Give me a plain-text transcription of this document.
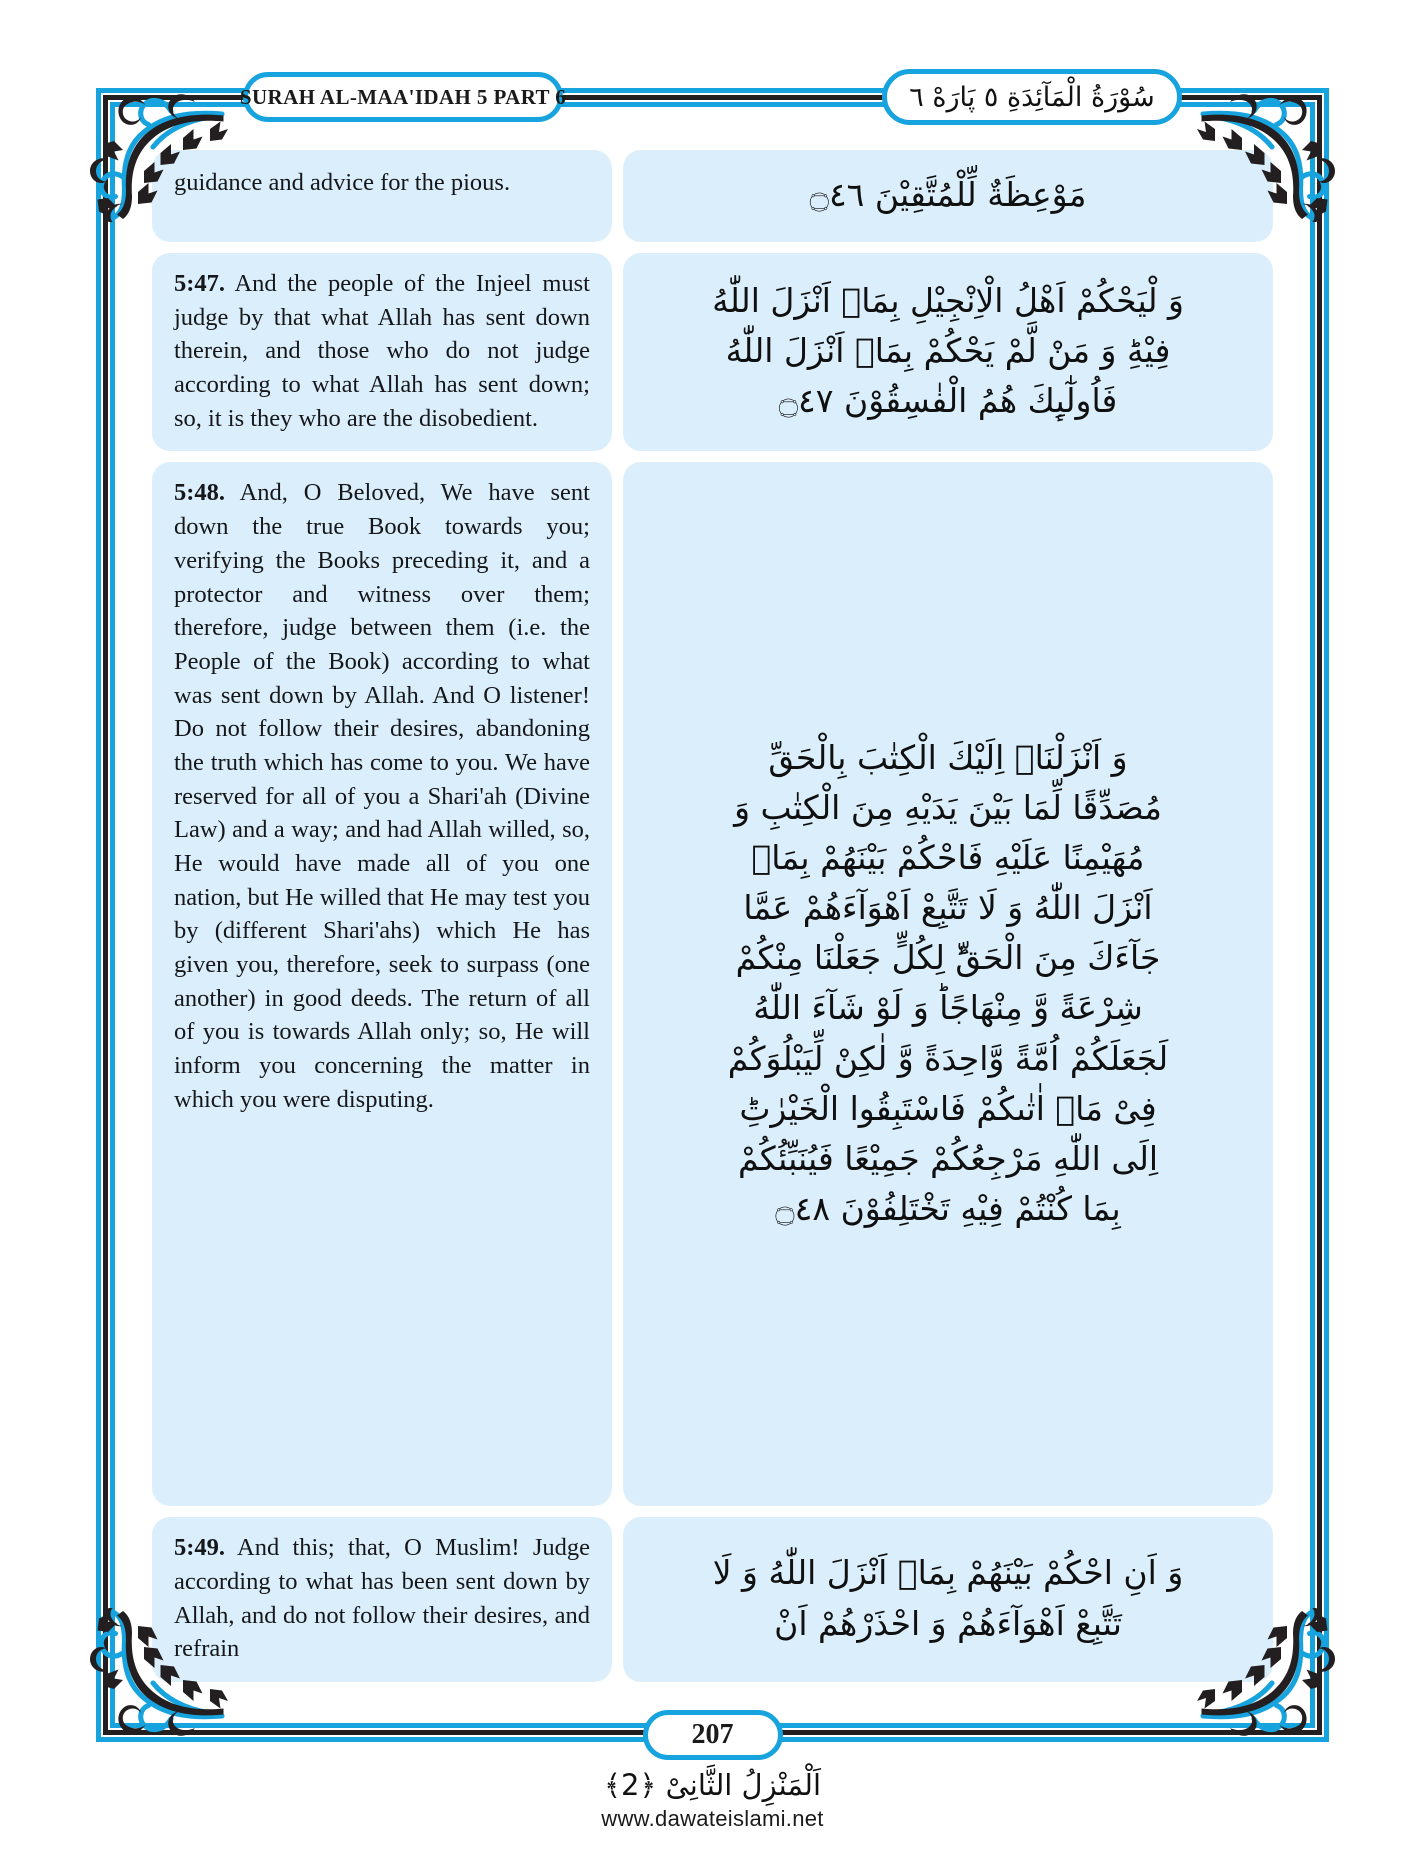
SURAH AL-MAA'IDAH 5 PART 6	سُوْرَةُ الْمَآئِدَةِ ٥ پَارَهْ ٦

guidance and advice for the pious.	مَوْعِظَةٌ لِّلْمُتَّقِیْنَ ۝٤٦

5:47. And the people of the Injeel must judge by that what Allah has sent down therein, and those who do not judge according to what Allah has sent down; so, it is they who are the disobedient.

وَ لْیَحْكُمْ اَهْلُ الْاِنْجِیْلِ بِمَاۤ اَنْزَلَ اللّٰهُ
فِیْهِؕ وَ مَنْ لَّمْ یَحْكُمْ بِمَاۤ اَنْزَلَ اللّٰهُ
فَاُولٰٓىِٕكَ هُمُ الْفٰسِقُوْنَ ۝٤٧

5:48. And, O Beloved, We have sent down the true Book towards you; verifying the Books preceding it, and a protector and witness over them; therefore, judge between them (i.e. the People of the Book) according to what was sent down by Allah. And O listener! Do not follow their desires, abandoning the truth which has come to you. We have reserved for all of you a Shari'ah (Divine Law) and a way; and had Allah willed, so, He would have made all of you one nation, but He willed that He may test you by (different Shari'ahs) which He has given you, therefore, seek to surpass (one another) in good deeds. The return of all of you is towards Allah only; so, He will inform you concerning the matter in which you were disputing.

وَ اَنْزَلْنَاۤ اِلَیْكَ الْكِتٰبَ بِالْحَقِّ
مُصَدِّقًا لِّمَا بَیْنَ یَدَیْهِ مِنَ الْكِتٰبِ وَ
مُهَیْمِنًا عَلَیْهِ فَاحْكُمْ بَیْنَهُمْ بِمَاۤ
اَنْزَلَ اللّٰهُ وَ لَا تَتَّبِعْ اَهْوَآءَهُمْ عَمَّا
جَآءَكَ مِنَ الْحَقِّؕ لِكُلٍّ جَعَلْنَا مِنْكُمْ
شِرْعَةً وَّ مِنْهَاجًاؕ وَ لَوْ شَآءَ اللّٰهُ
لَجَعَلَكُمْ اُمَّةً وَّاحِدَةً وَّ لٰكِنْ لِّیَبْلُوَكُمْ
فِیْ مَاۤ اٰتٰىكُمْ فَاسْتَبِقُوا الْخَیْرٰتِؕ
اِلَى اللّٰهِ مَرْجِعُكُمْ جَمِیْعًا فَیُنَبِّئُكُمْ
بِمَا كُنْتُمْ فِیْهِ تَخْتَلِفُوْنَ ۝٤٨

5:49. And this; that, O Muslim! Judge according to what has been sent down by Allah, and do not follow their desires, and refrain

وَ اَنِ احْكُمْ بَیْنَهُمْ بِمَاۤ اَنْزَلَ اللّٰهُ وَ لَا
تَتَّبِعْ اَهْوَآءَهُمْ وَ احْذَرْهُمْ اَنْ
207
اَلْمَنْزِلُ الثَّانِیْ ﴿2﴾
www.dawateislami.net
